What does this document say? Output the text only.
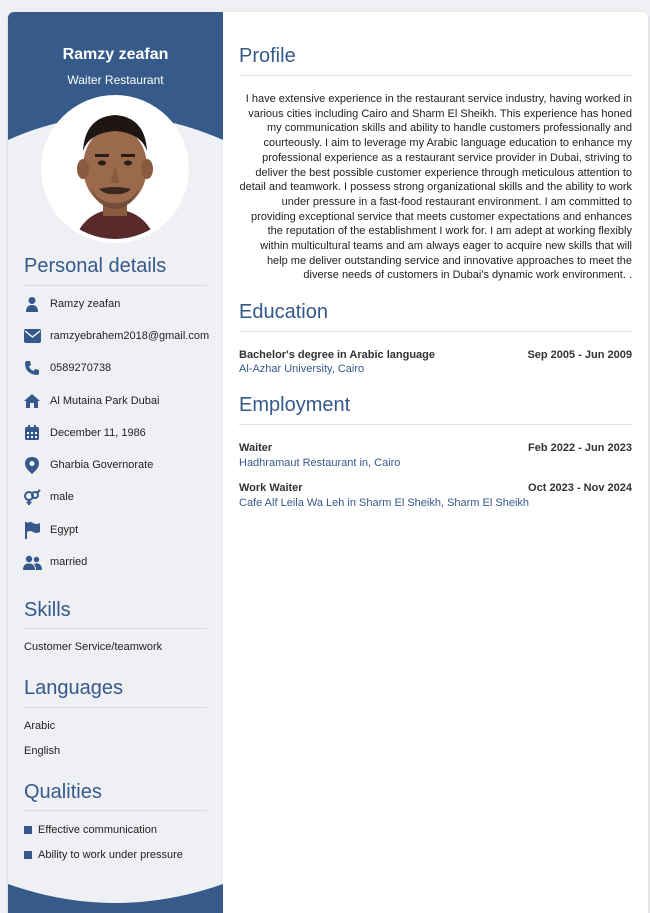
Ramzy zeafan
Waiter Restaurant
Personal details
Ramzy zeafan
ramzyebrahem2018@gmail.com
0589270738
Al Mutaina Park Dubai
December 11, 1986
Gharbia Governorate
male
Egypt
married
Skills
Customer Service/teamwork
Languages
Arabic
English
Qualities
Effective communication
Ability to work under pressure
Profile
I have extensive experience in the restaurant service industry, having worked in various cities including Cairo and Sharm El Sheikh. This experience has honed my communication skills and ability to handle customers professionally and courteously. I aim to leverage my Arabic language education to enhance my professional experience as a restaurant service provider in Dubai, striving to deliver the best possible customer experience through meticulous attention to detail and teamwork. I possess strong organizational skills and the ability to work under pressure in a fast-food restaurant environment. I am committed to providing exceptional service that meets customer expectations and enhances the reputation of the establishment I work for. I am adept at working flexibly within multicultural teams and am always eager to acquire new skills that will help me deliver outstanding service and innovative approaches to meet the diverse needs of customers in Dubai's dynamic work environment. .
Education
Bachelor's degree in Arabic language	Sep 2005 - Jun 2009
Al-Azhar University, Cairo
Employment
Waiter	Feb 2022 - Jun 2023
Hadhramaut Restaurant in, Cairo
Work Waiter	Oct 2023 - Nov 2024
Cafe Alf Leila Wa Leh in Sharm El Sheikh, Sharm El Sheikh
